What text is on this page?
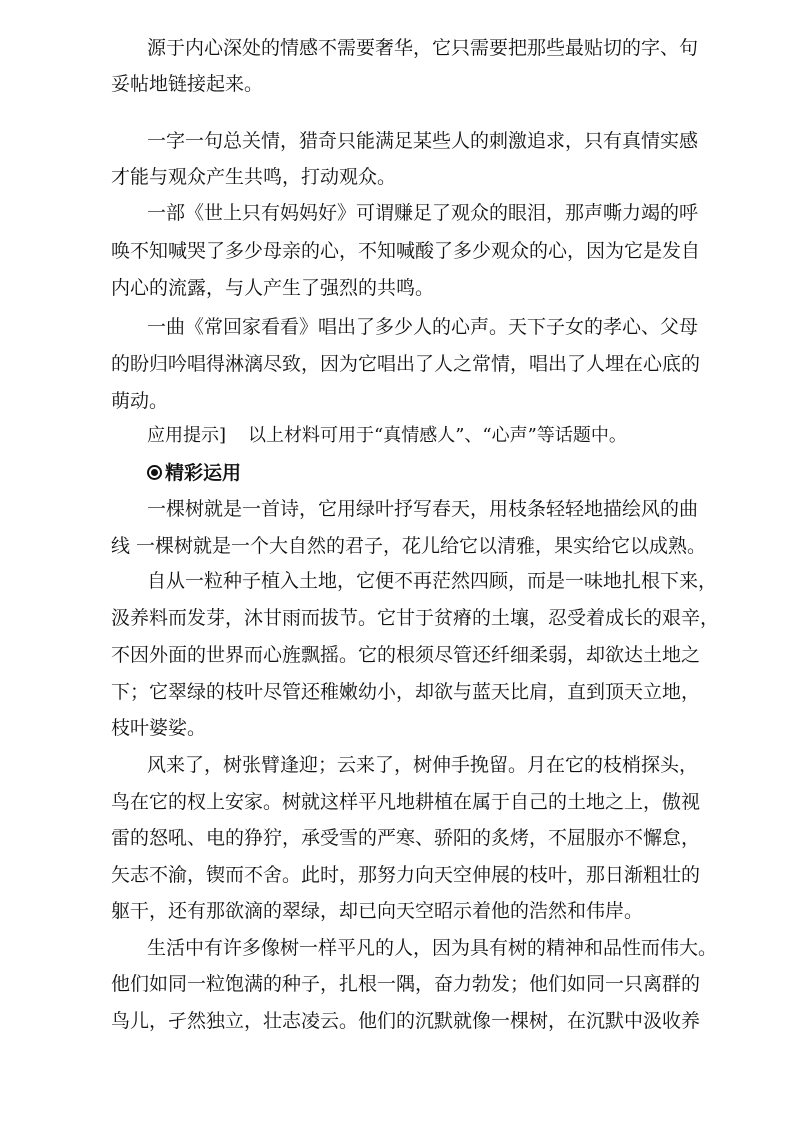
源于内心深处的情感不需要奢华，它只需要把那些最贴切的字、句
妥帖地链接起来。
一字一句总关情，猎奇只能满足某些人的刺激追求，只有真情实感
才能与观众产生共鸣，打动观众。
一部《世上只有妈妈好》可谓赚足了观众的眼泪，那声嘶力竭的呼
唤不知喊哭了多少母亲的心，不知喊酸了多少观众的心，因为它是发自
内心的流露，与人产生了强烈的共鸣。
一曲《常回家看看》唱出了多少人的心声。天下子女的孝心、父母
的盼归吟唱得淋漓尽致，因为它唱出了人之常情，唱出了人埋在心底的
萌动。
应用提示] 以上材料可用于“真情感人”、“心声”等话题中。
精彩运用
一棵树就是一首诗，它用绿叶抒写春天，用枝条轻轻地描绘风的曲
线 一棵树就是一个大自然的君子，花儿给它以清雅，果实给它以成熟。
自从一粒种子植入土地，它便不再茫然四顾，而是一味地扎根下来，
汲养料而发芽，沐甘雨而拔节。它甘于贫瘠的土壤，忍受着成长的艰辛，
不因外面的世界而心旌飘摇。它的根须尽管还纤细柔弱，却欲达土地之
下；它翠绿的枝叶尽管还稚嫩幼小，却欲与蓝天比肩，直到顶天立地，
枝叶婆娑。
风来了，树张臂逢迎；云来了，树伸手挽留。月在它的枝梢探头，
鸟在它的杈上安家。树就这样平凡地耕植在属于自己的土地之上，傲视
雷的怒吼、电的狰狞，承受雪的严寒、骄阳的炙烤，不屈服亦不懈怠，
矢志不渝，锲而不舍。此时，那努力向天空伸展的枝叶，那日渐粗壮的
躯干，还有那欲滴的翠绿，却已向天空昭示着他的浩然和伟岸。
生活中有许多像树一样平凡的人，因为具有树的精神和品性而伟大。
他们如同一粒饱满的种子，扎根一隅，奋力勃发；他们如同一只离群的
鸟儿，孑然独立，壮志凌云。他们的沉默就像一棵树，在沉默中汲收养
